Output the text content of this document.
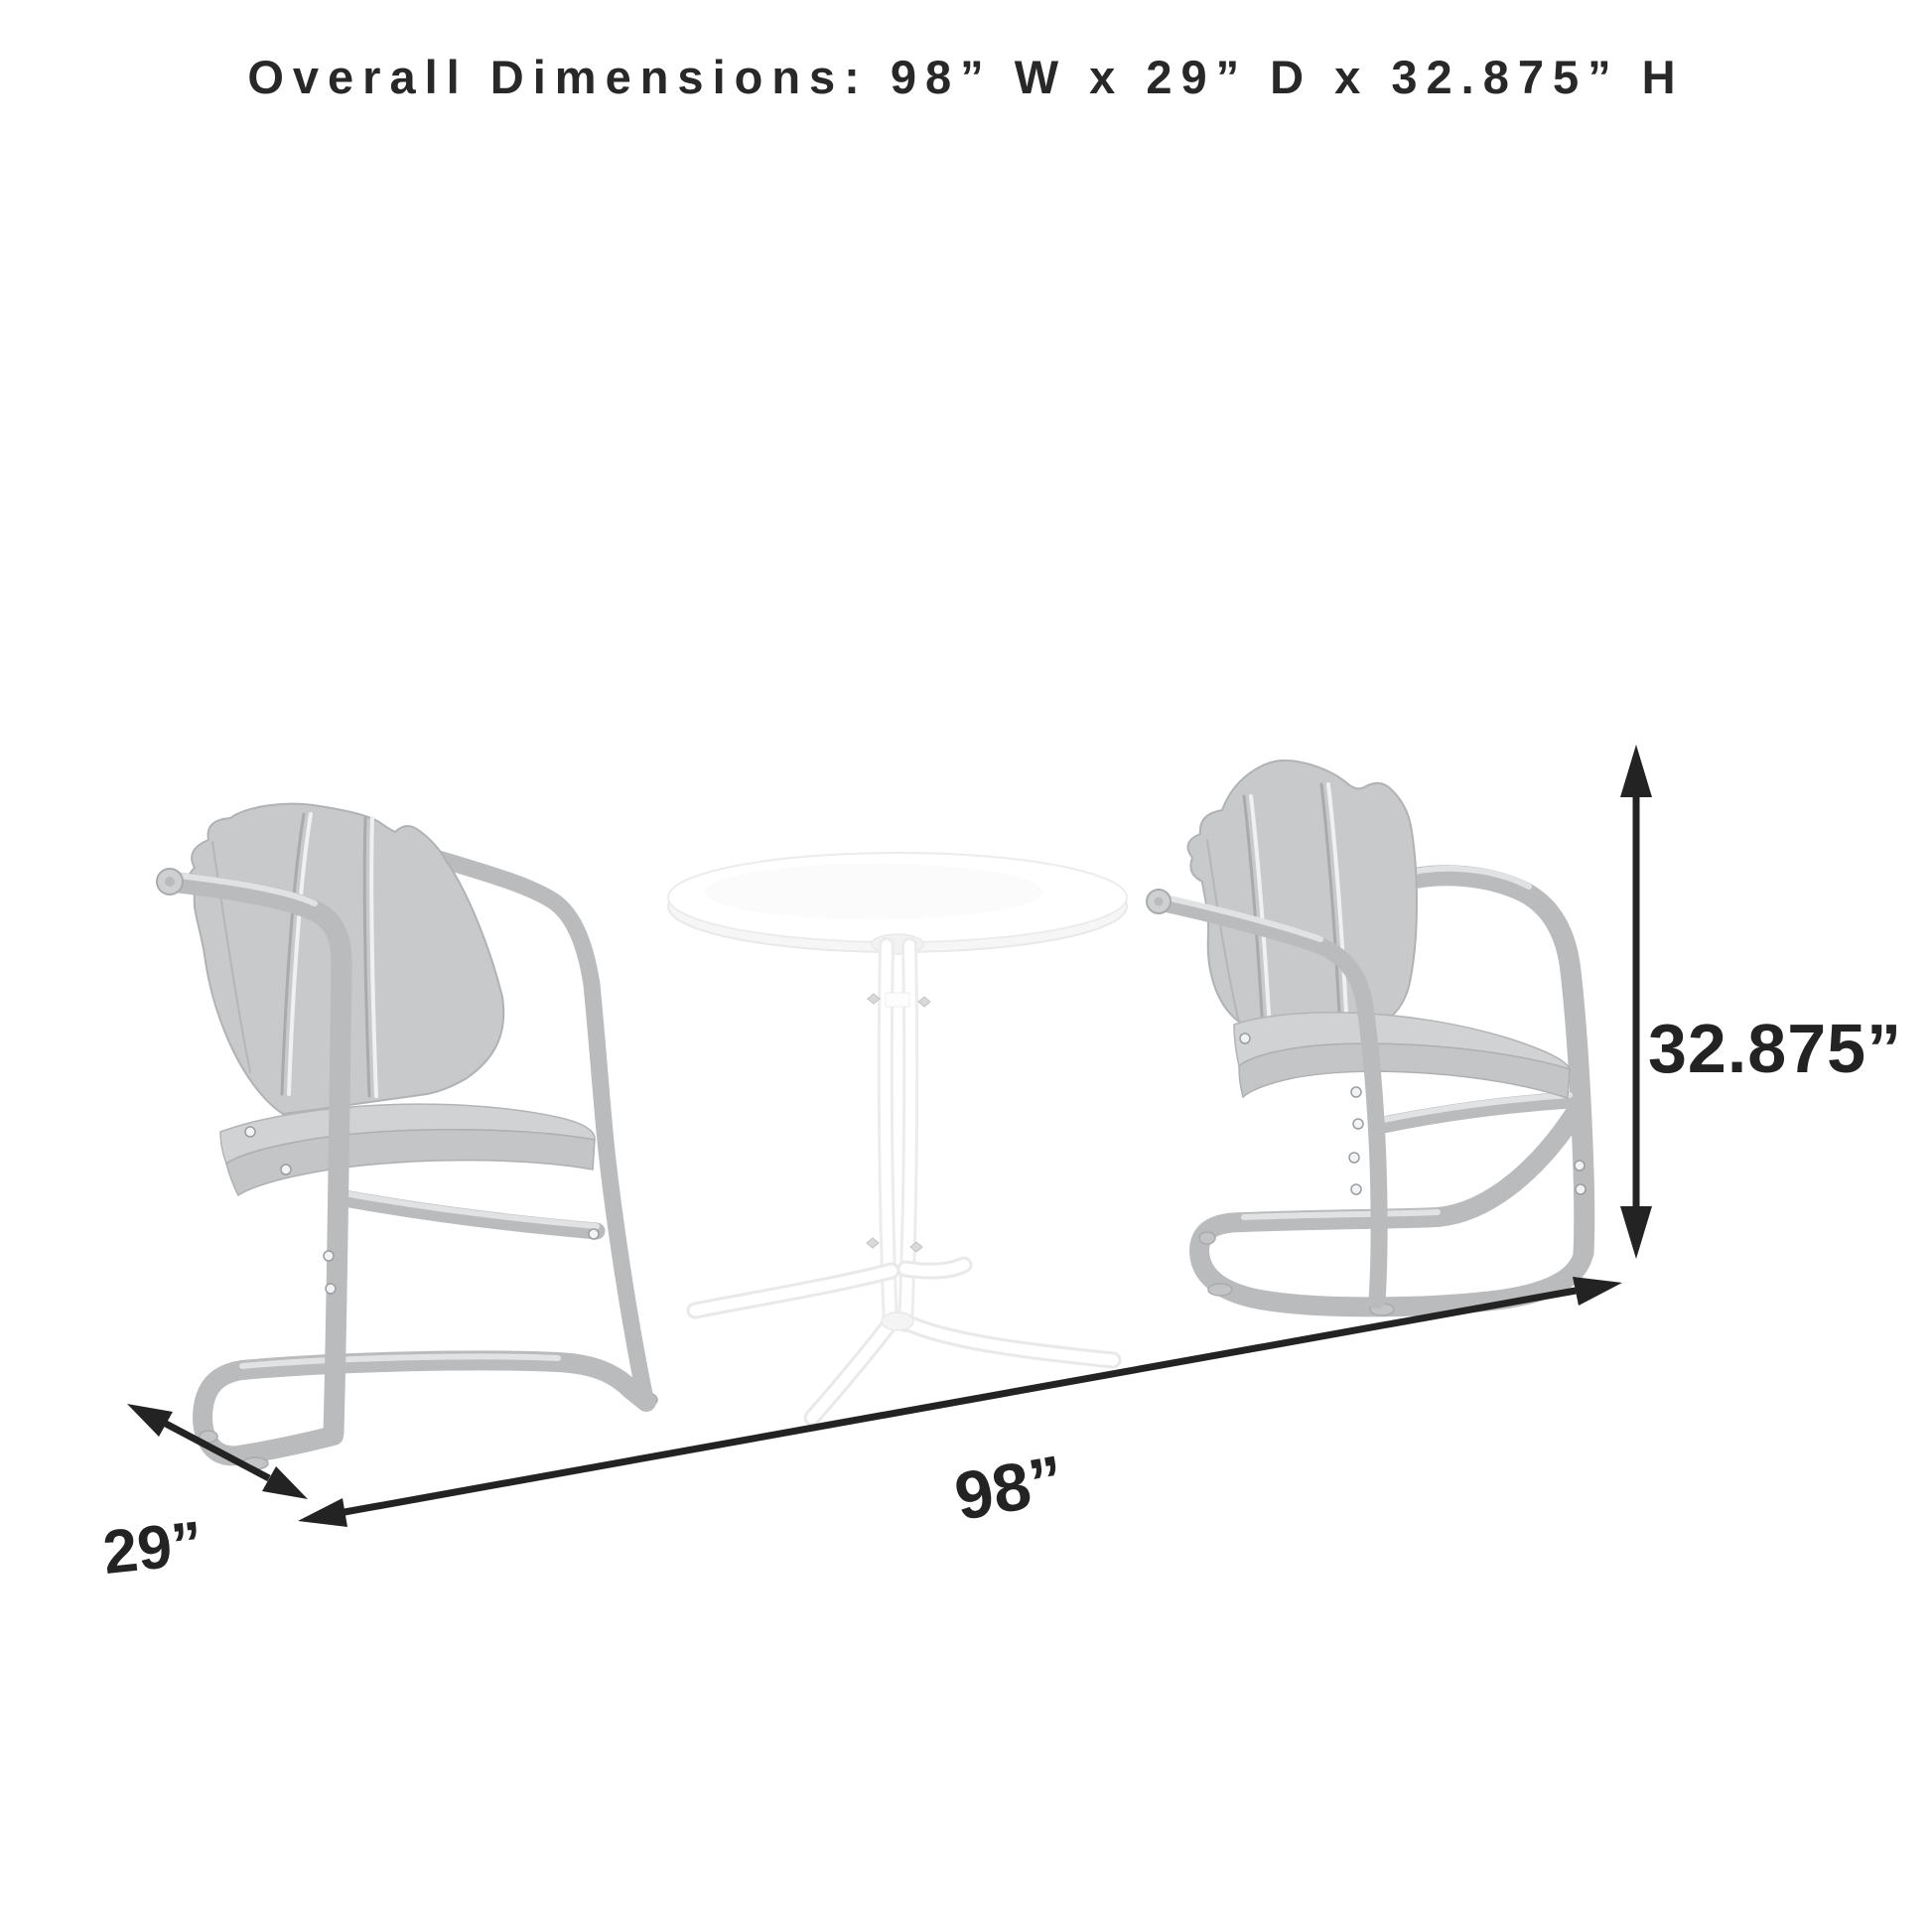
Overall Dimensions: 98” W x 29” D x 32.875” H
32.875”
98”
29”
